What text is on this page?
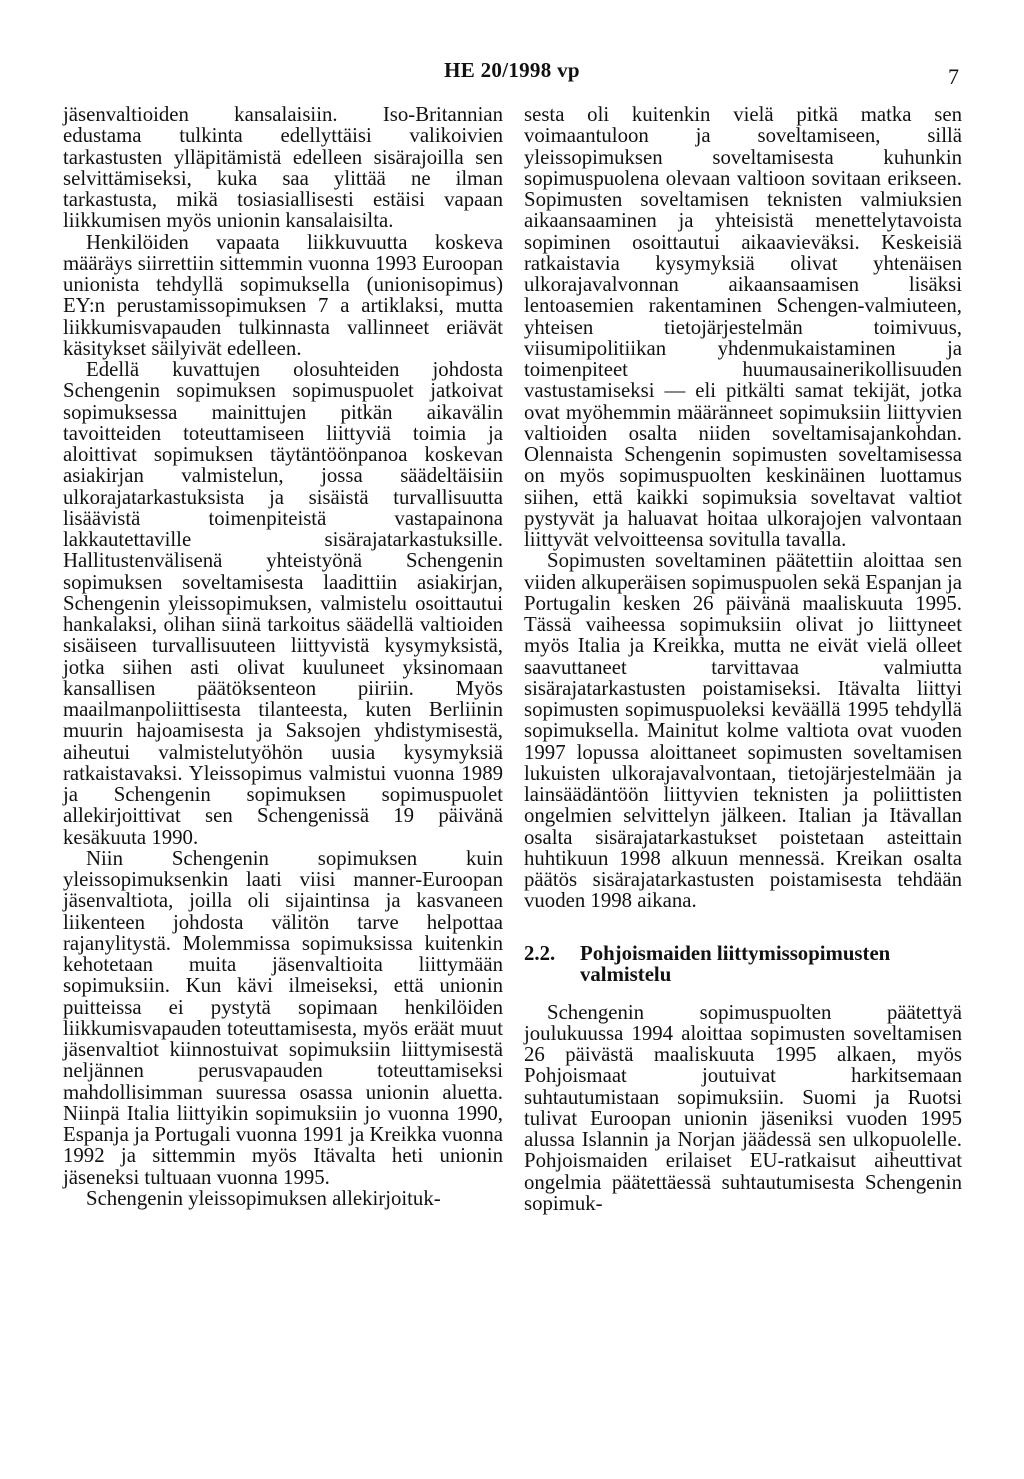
HE 20/1998 vp	7

jäsenvaltioiden kansalaisiin. Iso-Britannian edustama tulkinta edellyttäisi valikoivien tarkastusten ylläpitämistä edelleen sisärajoilla sen selvittämiseksi, kuka saa ylittää ne ilman tarkastusta, mikä tosiasiallisesti estäisi vapaan liikkumisen myös unionin kansalaisilta.

Henkilöiden vapaata liikkuvuutta koskeva määräys siirrettiin sittemmin vuonna 1993 Euroopan unionista tehdyllä sopimuksella (unionisopimus) EY:n perustamissopimuksen 7 a artiklaksi, mutta liikkumisvapauden tulkinnasta vallinneet eriävät käsitykset säilyivät edelleen.

Edellä kuvattujen olosuhteiden johdosta Schengenin sopimuksen sopimuspuolet jatkoivat sopimuksessa mainittujen pitkän aikavälin tavoitteiden toteuttamiseen liittyviä toimia ja aloittivat sopimuksen täytäntöönpanoa koskevan asiakirjan valmistelun, jossa säädeltäisiin ulkorajatarkastuksista ja sisäistä turvallisuutta lisäävistä toimenpiteistä vastapainona lakkautettaville sisärajatarkastuksille. Hallitustenvälisenä yhteistyönä Schengenin sopimuksen soveltamisesta laadittiin asiakirjan, Schengenin yleissopimuksen, valmistelu osoittautui hankalaksi, olihan siinä tarkoitus säädellä valtioiden sisäiseen turvallisuuteen liittyvistä kysymyksistä, jotka siihen asti olivat kuuluneet yksinomaan kansallisen päätöksenteon piiriin. Myös maailmanpoliittisesta tilanteesta, kuten Berliinin muurin hajoamisesta ja Saksojen yhdistymisestä, aiheutui valmistelutyöhön uusia kysymyksiä ratkaistavaksi. Yleissopimus valmistui vuonna 1989 ja Schengenin sopimuksen sopimuspuolet allekirjoittivat sen Schengenissä 19 päivänä kesäkuuta 1990.

Niin Schengenin sopimuksen kuin yleissopimuksenkin laati viisi manner-Euroopan jäsenvaltiota, joilla oli sijaintinsa ja kasvaneen liikenteen johdosta välitön tarve helpottaa rajanylitystä. Molemmissa sopimuksissa kuitenkin kehotetaan muita jäsenvaltioita liittymään sopimuksiin. Kun kävi ilmeiseksi, että unionin puitteissa ei pystytä sopimaan henkilöiden liikkumisvapauden toteuttamisesta, myös eräät muut jäsenvaltiot kiinnostuivat sopimuksiin liittymisestä neljännen perusvapauden toteuttamiseksi mahdollisimman suuressa osassa unionin aluetta. Niinpä Italia liittyikin sopimuksiin jo vuonna 1990, Espanja ja Portugali vuonna 1991 ja Kreikka vuonna 1992 ja sittemmin myös Itävalta heti unionin jäseneksi tultuaan vuonna 1995.

Schengenin yleissopimuksen allekirjoituk-

sesta oli kuitenkin vielä pitkä matka sen voimaantuloon ja soveltamiseen, sillä yleissopimuksen soveltamisesta kuhunkin sopimuspuolena olevaan valtioon sovitaan erikseen. Sopimusten soveltamisen teknisten valmiuksien aikaansaaminen ja yhteisistä menettelytavoista sopiminen osoittautui aikaavieväksi. Keskeisiä ratkaistavia kysymyksiä olivat yhtenäisen ulkorajavalvonnan aikaansaamisen lisäksi lentoasemien rakentaminen Schengen-valmiuteen, yhteisen tietojärjestelmän toimivuus, viisumipolitiikan yhdenmukaistaminen ja toimenpiteet huumausainerikollisuuden vastustamiseksi — eli pitkälti samat tekijät, jotka ovat myöhemmin määränneet sopimuksiin liittyvien valtioiden osalta niiden soveltamisajankohdan. Olennaista Schengenin sopimusten soveltamisessa on myös sopimuspuolten keskinäinen luottamus siihen, että kaikki sopimuksia soveltavat valtiot pystyvät ja haluavat hoitaa ulkorajojen valvontaan liittyvät velvoitteensa sovitulla tavalla.

Sopimusten soveltaminen päätettiin aloittaa sen viiden alkuperäisen sopimuspuolen sekä Espanjan ja Portugalin kesken 26 päivänä maaliskuuta 1995. Tässä vaiheessa sopimuksiin olivat jo liittyneet myös Italia ja Kreikka, mutta ne eivät vielä olleet saavuttaneet tarvittavaa valmiutta sisärajatarkastusten poistamiseksi. Itävalta liittyi sopimusten sopimuspuoleksi keväällä 1995 tehdyllä sopimuksella. Mainitut kolme valtiota ovat vuoden 1997 lopussa aloittaneet sopimusten soveltamisen lukuisten ulkorajavalvontaan, tietojärjestelmään ja lainsäädäntöön liittyvien teknisten ja poliittisten ongelmien selvittelyn jälkeen. Italian ja Itävallan osalta sisärajatarkastukset poistetaan asteittain huhtikuun 1998 alkuun mennessä. Kreikan osalta päätös sisärajatarkastusten poistamisesta tehdään vuoden 1998 aikana.

2.2.	Pohjoismaiden liittymissopimusten valmistelu

Schengenin sopimuspuolten päätettyä joulukuussa 1994 aloittaa sopimusten soveltamisen 26 päivästä maaliskuuta 1995 alkaen, myös Pohjoismaat joutuivat harkitsemaan suhtautumistaan sopimuksiin. Suomi ja Ruotsi tulivat Euroopan unionin jäseniksi vuoden 1995 alussa Islannin ja Norjan jäädessä sen ulkopuolelle. Pohjoismaiden erilaiset EU-ratkaisut aiheuttivat ongelmia päätettäessä suhtautumisesta Schengenin sopimuk-
